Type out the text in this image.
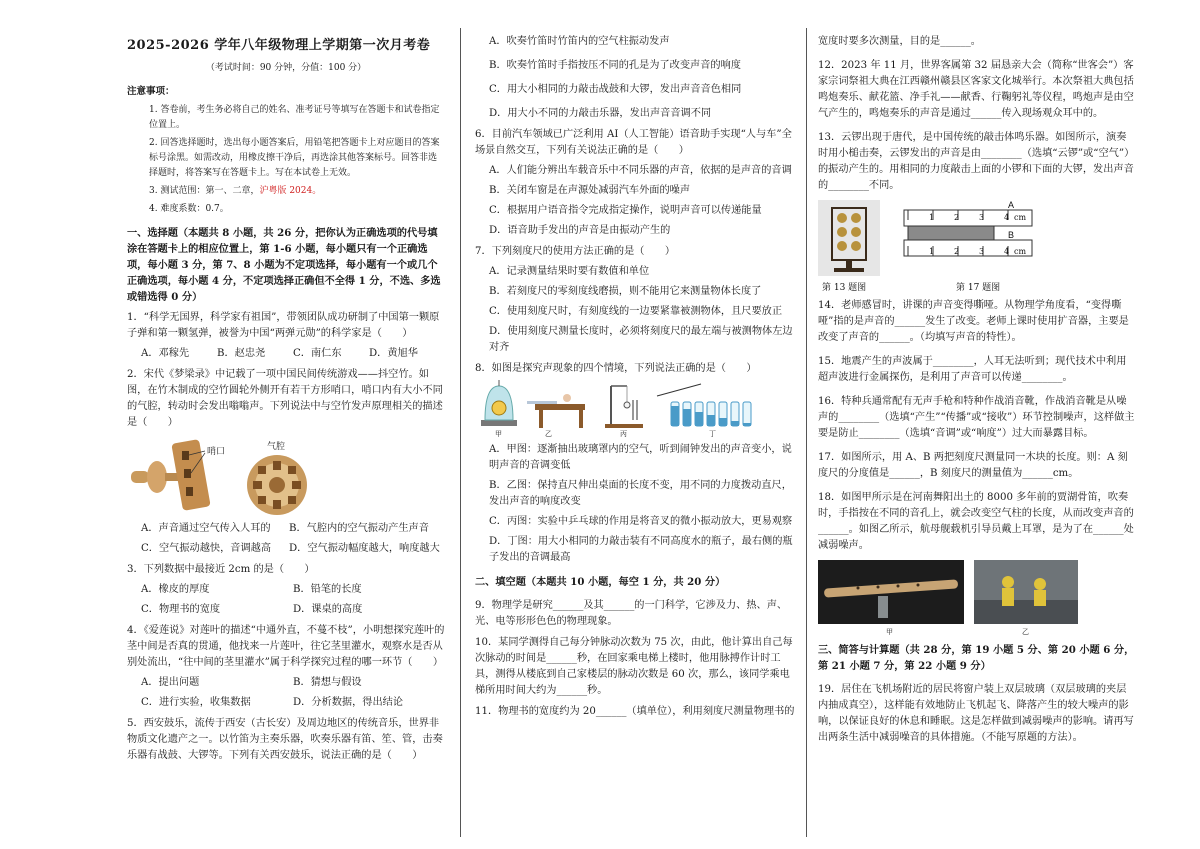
2025-2026 学年八年级物理上学期第一次月考卷
（考试时间：90 分钟，分值：100 分）
注意事项：
1. 答卷前，考生务必将自己的姓名、准考证号等填写在答题卡和试卷指定位置上。
2. 回答选择题时，选出每小题答案后，用铅笔把答题卡上对应题目的答案标号涂黑。如需改动，用橡皮擦干净后，再选涂其他答案标号。回答非选择题时，将答案写在答题卡上。写在本试卷上无效。
3. 测试范围：第一、二章，沪粤版 2024。
4. 难度系数：0.7。
一、选择题（本题共 8 小题，共 26 分，把你认为正确选项的代号填涂在答题卡上的相应位置上，第 1-6 小题，每小题只有一个正确选项，每小题 3 分，第 7、8 小题为不定项选择，每小题有一个或几个正确选项，每小题 4 分，不定项选择正确但不全得 1 分，不选、多选或错选得 0 分）
1．“科学无国界，科学家有祖国”，带领团队成功研制了中国第一颗原子弹和第一颗氢弹，被誉为中国“两弹元勋”的科学家是（　　）
A．邓稼先	B．赵忠尧	C．南仁东	D．黄旭华
2．宋代《梦梁录》中记载了一项中国民间传统游戏——抖空竹。如图，在竹木制成的空竹圆轮外侧开有若干方形哨口，哨口内有大小不同的气腔，转动时会发出嗡嗡声。下列说法中与空竹发声原理相关的描述是（　　）
哨口	气腔
A．声音通过空气传入人耳的	B．气腔内的空气振动产生声音
C．空气振动越快，音调越高	D．空气振动幅度越大，响度越大
3．下列数据中最接近 2cm 的是（　　）
A．橡皮的厚度	B．铅笔的长度
C．物理书的宽度	D．课桌的高度
4．《爱莲说》对莲叶的描述“中通外直，不蔓不枝”，小明想探究莲叶的茎中间是否真的贯通，他找来一片莲叶，往它茎里灌水，观察水是否从别处流出，“往中间的茎里灌水”属于科学探究过程的哪一环节（　　）
A．提出问题	B．猜想与假设
C．进行实验，收集数据	D．分析数据，得出结论
5．西安鼓乐，流传于西安（古长安）及周边地区的传统音乐，世界非物质文化遗产之一。以竹笛为主奏乐器，吹奏乐器有笛、笙、管，击奏乐器有战鼓、大锣等。下列有关西安鼓乐，说法正确的是（　　）
A．吹奏竹笛时竹笛内的空气柱振动发声
B．吹奏竹笛时手指按压不同的孔是为了改变声音的响度
C．用大小相同的力敲击战鼓和大锣，发出声音音色相同
D．用大小不同的力敲击乐器，发出声音音调不同
6．目前汽车领域已广泛利用 AI（人工智能）语音助手实现“人与车”全场景自然交互，下列有关说法正确的是（　　）
A．人们能分辨出车载音乐中不同乐器的声音，依据的是声音的音调
B．关闭车窗是在声源处减弱汽车外面的噪声
C．根据用户语音指令完成指定操作，说明声音可以传递能量
D．语音助手发出的声音是由振动产生的
7．下列刻度尺的使用方法正确的是（　　）
A．记录测量结果时要有数值和单位
B．若刻度尺的零刻度线磨损，则不能用它来测量物体长度了
C．使用刻度尺时，有刻度线的一边要紧靠被测物体，且尺要放正
D．使用刻度尺测量长度时，必须将刻度尺的最左端与被测物体左边对齐
8．如图是探究声现象的四个情境，下列说法正确的是（　　）
甲	乙	丙	丁
A．甲图：逐渐抽出玻璃罩内的空气，听到闹钟发出的声音变小，说明声音的音调变低
B．乙图：保持直尺伸出桌面的长度不变，用不同的力度拨动直尺，发出声音的响度改变
C．丙图：实验中乒乓球的作用是将音叉的微小振动放大，更易观察
D．丁图：用大小相同的力敲击装有不同高度水的瓶子，最右侧的瓶子发出的音调最高
二、填空题（本题共 10 小题，每空 1 分，共 20 分）
9．物理学是研究______及其______的一门科学，它涉及力、热、声、光、电等形形色色的物理现象。
10．某同学测得自己每分钟脉动次数为 75 次，由此，他计算出自己每次脉动的时间是______秒，在回家乘电梯上楼时，他用脉搏作计时工具，测得从楼底到自己家楼层的脉动次数是 60 次，那么，该同学乘电梯所用时间大约为______秒。
11．物理书的宽度约为 20______（填单位），利用刻度尺测量物理书的
宽度时要多次测量，目的是______。
12．2023 年 11 月，世界客属第 32 届恳亲大会（简称“世客会”）客家宗词祭祖大典在江西赣州赣县区客家文化城举行。本次祭祖大典包括鸣炮奏乐、献花篮、净手礼——献香、行鞠躬礼等仪程，鸣炮声是由空气产生的，鸣炮奏乐的声音是通过______传入现场观众耳中的。
13．云锣出现于唐代，是中国传统的敲击体鸣乐器。如图所示，演奏时用小槌击奏，云锣发出的声音是由________（选填“云锣”或“空气”）的振动产生的。用相同的力度敲击上面的小锣和下面的大锣，发出声音的________不同。
A
B
1 2 3 4 cm
1 2 3 4 cm
第 13 题图	第 17 题图
14．老师感冒时，讲课的声音变得嘶哑。从物理学角度看，“变得嘶哑”指的是声音的______发生了改变。老师上课时使用扩音器，主要是改变了声音的______。（均填写声音的特性）。
15．地震产生的声波属于________，人耳无法听到；现代技术中利用超声波进行金属探伤，是利用了声音可以传递________。
16．特种兵通常配有无声手枪和特种作战消音靴，作战消音靴是从噪声的________（选填“产生”“传播”或“接收”）环节控制噪声，这样做主要是防止________（选填“音调”或“响度”）过大而暴露目标。
17．如图所示，用 A、B 两把刻度尺测量同一木块的长度。则：A 刻度尺的分度值是______，B 刻度尺的测量值为______cm。
18．如图甲所示是在河南舞阳出土的 8000 多年前的贾湖骨笛，吹奏时，手指按在不同的音孔上，就会改变空气柱的长度，从而改变声音的______。如图乙所示，航母舰载机引导员戴上耳罩，是为了在______处减弱噪声。
甲	乙
三、简答与计算题（共 28 分，第 19 小题 5 分、第 20 小题 6 分，第 21 小题 7 分，第 22 小题 9 分）
19．居住在飞机场附近的居民将窗户装上双层玻璃（双层玻璃的夹层内抽成真空），这样能有效地防止飞机起飞、降落产生的较大噪声的影响，以保证良好的休息和睡眠。这是怎样做到减弱噪声的影响。请再写出两条生活中减弱噪音的具体措施。（不能写原题的方法）。
